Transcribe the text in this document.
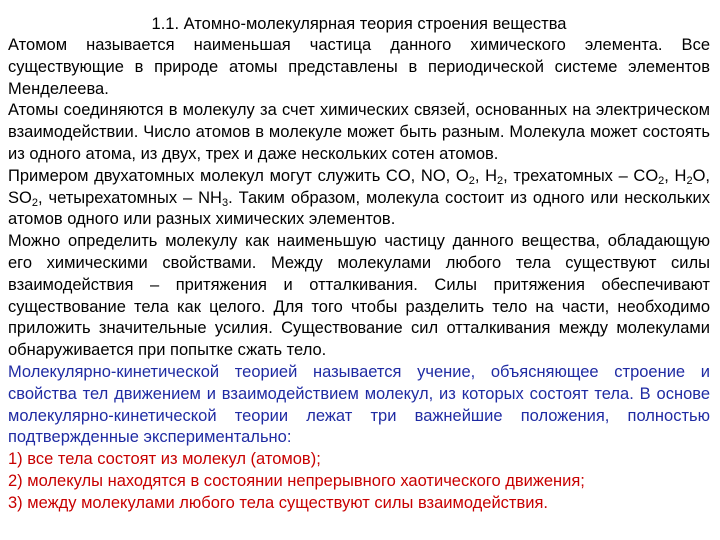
1.1. Атомно-молекулярная теория строения вещества

Атомом называется наименьшая частица данного химического элемента. Все существующие в природе атомы представлены в периодической системе элементов Менделеева.

Атомы соединяются в молекулу за счет химических связей, основанных на электрическом взаимодействии. Число атомов в молекуле может быть разным. Молекула может состоять из одного атома, из двух, трех и даже нескольких сотен атомов.

Примером двухатомных молекул могут служить CO, NO, $O_2$, $H_2$, трехатомных – $CO_2$, $H_2O$, $SO_2$, четырехатомных – $NH_3$. Таким образом, молекула состоит из одного или нескольких атомов одного или разных химических элементов.

Можно определить молекулу как наименьшую частицу данного вещества, обладающую его химическими свойствами. Между молекулами любого тела существуют силы взаимодействия – притяжения и отталкивания. Силы притяжения обеспечивают существование тела как целого. Для того чтобы разделить тело на части, необходимо приложить значительные усилия. Существование сил отталкивания между молекулами обнаруживается при попытке сжать тело.

Молекулярно-кинетической теорией называется учение, объясняющее строение и свойства тел движением и взаимодействием молекул, из которых состоят тела. В основе молекулярно-кинетической теории лежат три важнейшие положения, полностью подтвержденные экспериментально:

1) все тела состоят из молекул (атомов);

2) молекулы находятся в состоянии непрерывного хаотического движения;

3) между молекулами любого тела существуют силы взаимодействия.
